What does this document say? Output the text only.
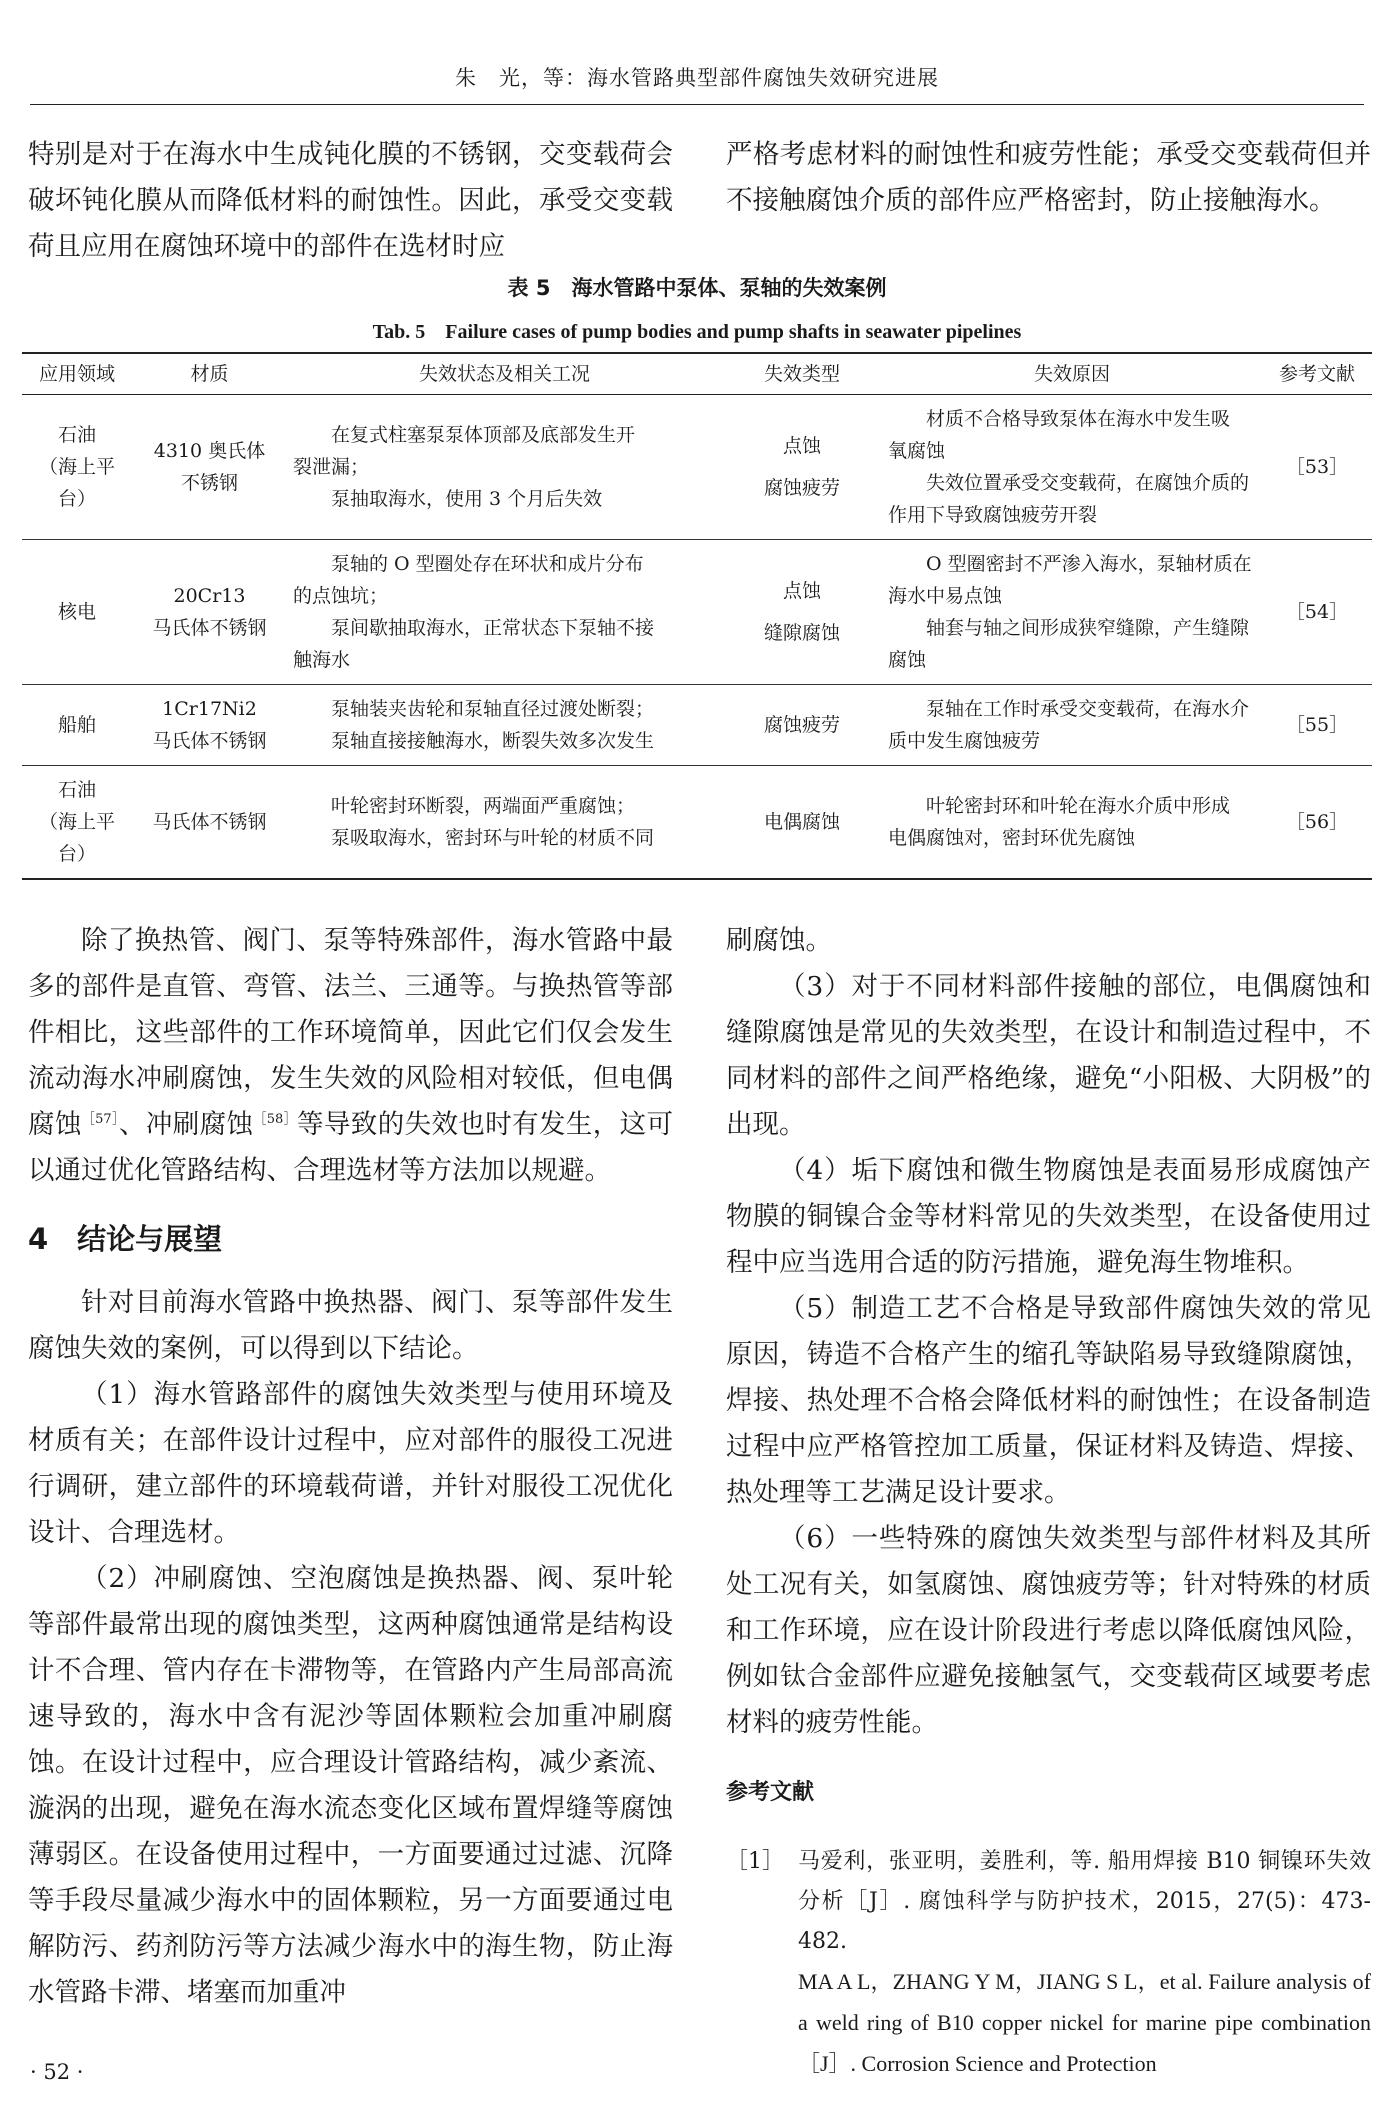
朱　光，等：海水管路典型部件腐蚀失效研究进展

特别是对于在海水中生成钝化膜的不锈钢，交变载荷会破坏钝化膜从而降低材料的耐蚀性。因此，承受交变载荷且应用在腐蚀环境中的部件在选材时应

严格考虑材料的耐蚀性和疲劳性能；承受交变载荷但并不接触腐蚀介质的部件应严格密封，防止接触海水。

表 5　海水管路中泵体、泵轴的失效案例
Tab. 5　Failure cases of pump bodies and pump shafts in seawater pipelines
应用领域	材质	失效状态及相关工况	失效类型	失效原因	参考文献

石油
（海上平台）	4310 奥氏体
不锈钢	在复式柱塞泵泵体顶部及底部发生开
裂泄漏；
泵抽取海水，使用 3 个月后失效	点蚀
腐蚀疲劳	材质不合格导致泵体在海水中发生吸
氧腐蚀
失效位置承受交变载荷，在腐蚀介质的
作用下导致腐蚀疲劳开裂	［53］

核电	20Cr13
马氏体不锈钢	泵轴的 O 型圈处存在环状和成片分布
的点蚀坑；
泵间歇抽取海水，正常状态下泵轴不接
触海水	点蚀
缝隙腐蚀	O 型圈密封不严渗入海水，泵轴材质在
海水中易点蚀
轴套与轴之间形成狭窄缝隙，产生缝隙
腐蚀	［54］

船舶	1Cr17Ni2
马氏体不锈钢	泵轴装夹齿轮和泵轴直径过渡处断裂；
泵轴直接接触海水，断裂失效多次发生	腐蚀疲劳	泵轴在工作时承受交变载荷，在海水介
质中发生腐蚀疲劳	［55］

石油
（海上平台）	马氏体不锈钢	叶轮密封环断裂，两端面严重腐蚀；
泵吸取海水，密封环与叶轮的材质不同	电偶腐蚀	叶轮密封环和叶轮在海水介质中形成
电偶腐蚀对，密封环优先腐蚀	［56］

除了换热管、阀门、泵等特殊部件，海水管路中最多的部件是直管、弯管、法兰、三通等。与换热管等部件相比，这些部件的工作环境简单，因此它们仅会发生流动海水冲刷腐蚀，发生失效的风险相对较低，但电偶腐蚀$^{[57]}$、冲刷腐蚀$^{[58]}$等导致的失效也时有发生，这可以通过优化管路结构、合理选材等方法加以规避。

4　结论与展望

针对目前海水管路中换热器、阀门、泵等部件发生腐蚀失效的案例，可以得到以下结论。

（1）海水管路部件的腐蚀失效类型与使用环境及材质有关；在部件设计过程中，应对部件的服役工况进行调研，建立部件的环境载荷谱，并针对服役工况优化设计、合理选材。

（2）冲刷腐蚀、空泡腐蚀是换热器、阀、泵叶轮等部件最常出现的腐蚀类型，这两种腐蚀通常是结构设计不合理、管内存在卡滞物等，在管路内产生局部高流速导致的，海水中含有泥沙等固体颗粒会加重冲刷腐蚀。在设计过程中，应合理设计管路结构，减少紊流、漩涡的出现，避免在海水流态变化区域布置焊缝等腐蚀薄弱区。在设备使用过程中，一方面要通过过滤、沉降等手段尽量减少海水中的固体颗粒，另一方面要通过电解防污、药剂防污等方法减少海水中的海生物，防止海水管路卡滞、堵塞而加重冲

刷腐蚀。

（3）对于不同材料部件接触的部位，电偶腐蚀和缝隙腐蚀是常见的失效类型，在设计和制造过程中，不同材料的部件之间严格绝缘，避免“小阳极、大阴极”的出现。

（4）垢下腐蚀和微生物腐蚀是表面易形成腐蚀产物膜的铜镍合金等材料常见的失效类型，在设备使用过程中应当选用合适的防污措施，避免海生物堆积。

（5）制造工艺不合格是导致部件腐蚀失效的常见原因，铸造不合格产生的缩孔等缺陷易导致缝隙腐蚀，焊接、热处理不合格会降低材料的耐蚀性；在设备制造过程中应严格管控加工质量，保证材料及铸造、焊接、热处理等工艺满足设计要求。

（6）一些特殊的腐蚀失效类型与部件材料及其所处工况有关，如氢腐蚀、腐蚀疲劳等；针对特殊的材质和工作环境，应在设计阶段进行考虑以降低腐蚀风险，例如钛合金部件应避免接触氢气，交变载荷区域要考虑材料的疲劳性能。

参考文献
［1］ 马爱利，张亚明，姜胜利，等. 船用焊接 B10 铜镍环失效分析［J］. 腐蚀科学与防护技术，2015，27(5)：473-482.
MA A L，ZHANG Y M，JIANG S L，et al. Failure analysis of a weld ring of B10 copper nickel for marine pipe combination［J］. Corrosion Science and Protection
· 52 ·
